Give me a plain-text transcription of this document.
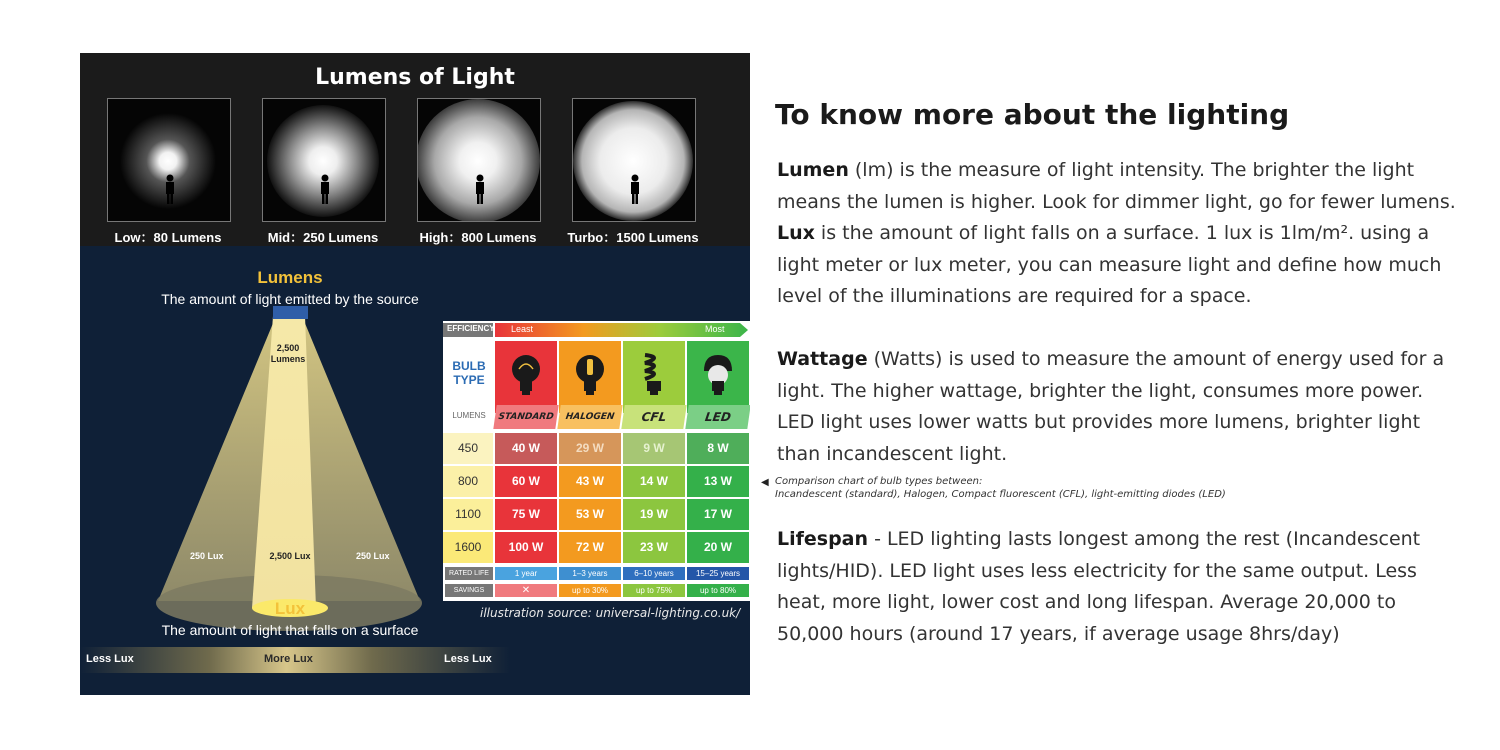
Lumens of Light
Low：80 Lumens	Mid：250 Lumens	High：800 Lumens	Turbo：1500 Lumens
Lumens
The amount of light emitted by the source
2,500
Lumens
250 Lux	2,500 Lux	250 Lux
Lux
The amount of light that falls on a surface
Less Lux	More Lux	Less Lux
EFFICIENCY Least	Most
BULB
TYPE
LUMENS	STANDARD	HALOGEN	CFL	LED
450	40 W	29 W	9 W	8 W
800	60 W	43 W	14 W	13 W
1100	75 W	53 W	19 W	17 W
1600	100 W	72 W	23 W	20 W
RATED LIFE	1 year	1–3 years	6–10 years	15–25 years
SAVINGS	✕	up to 30%	up to 75%	up to 80%
illustration source: universal-lighting.co.uk/
To know more about the lighting
Lumen (lm) is the measure of light intensity. The brighter the light means the lumen is higher. Look for dimmer light, go for fewer lumens. Lux is the amount of light falls on a surface. 1 lux is 1lm/m². using a light meter or lux meter, you can measure light and define how much level of the illuminations are required for a space.
Wattage (Watts) is used to measure the amount of energy used for a light. The higher wattage, brighter the light, consumes more power. LED light uses lower watts but provides more lumens, brighter light than incandescent light.
◀ Comparison chart of bulb types between:
Incandescent (standard), Halogen, Compact fluorescent (CFL), light-emitting diodes (LED)
Lifespan - LED lighting lasts longest among the rest (Incandescent lights/HID). LED light uses less electricity for the same output. Less heat, more light, lower cost and long lifespan. Average 20,000 to 50,000 hours (around 17 years, if average usage 8hrs/day)
